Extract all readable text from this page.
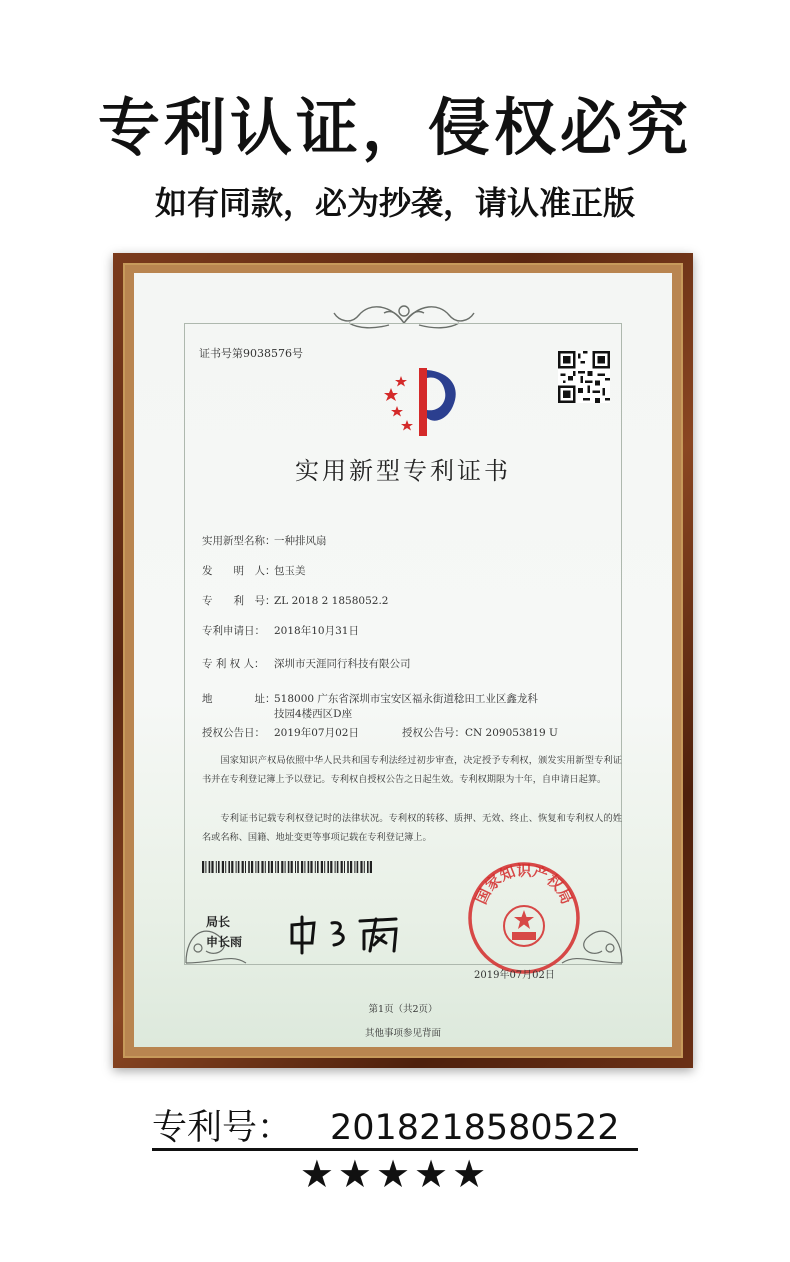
专利认证，侵权必究
如有同款，必为抄袭，请认准正版
证书号第9038576号
实用新型专利证书
实用新型名称：一种排风扇
发　　明　人：包玉美
专　　利　号：ZL 2018 2 1858052.2
专利申请日： 2018年10月31日
专 利 权 人： 深圳市天涯同行科技有限公司
地　　　　址：518000 广东省深圳市宝安区福永街道稔田工业区鑫龙科
技园4楼西区D座
授权公告日： 2019年07月02日	授权公告号：CN 209053819 U
国家知识产权局依照中华人民共和国专利法经过初步审查，决定授予专利权，颁发实用新型专利证书并在专利登记簿上予以登记。专利权自授权公告之日起生效。专利权期限为十年，自申请日起算。
专利证书记载专利权登记时的法律状况。专利权的转移、质押、无效、终止、恢复和专利权人的姓名或名称、国籍、地址变更等事项记载在专利登记簿上。
局长
申长雨
国家知识产权局
2019年07月02日
第1页（共2页）
其他事项参见背面
专利号： 2018218580522
★★★★★
